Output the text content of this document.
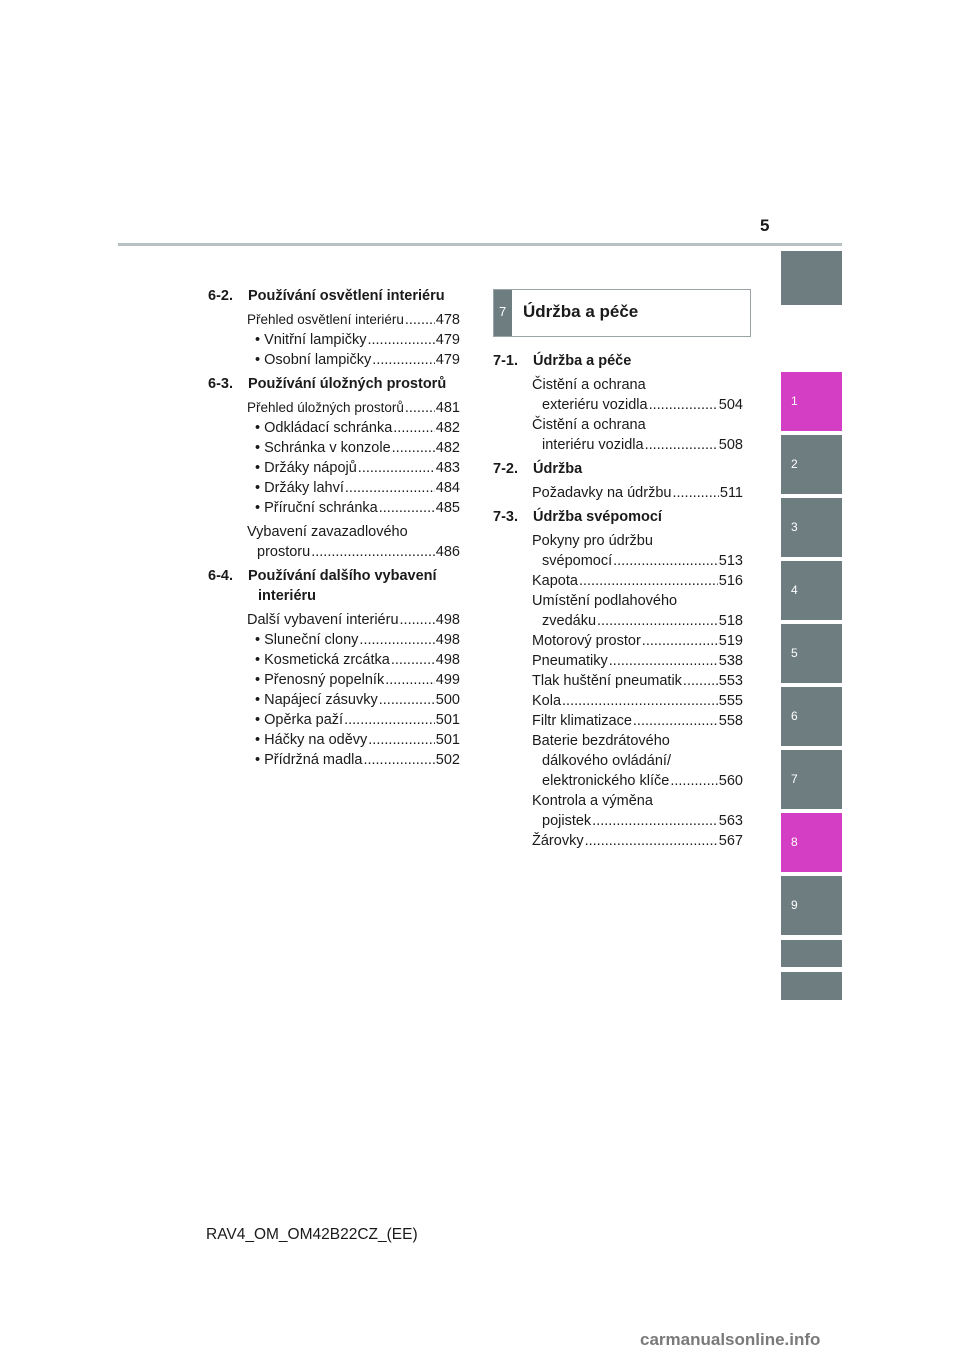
5
1
2
3
4
5
6
7
8
9
6-2.	Používání osvětlení interiéru
Přehled osvětlení interiéru ..... 478
• Vnitřní lampičky .....	479
• Osobní lampičky .....	479
6-3.	Používání úložných prostorů
Přehled úložných prostorů ..... 481
• Odkládací schránka .....	482
• Schránka v konzole .....	482
• Držáky nápojů .....	483
• Držáky lahví .....	484
• Příruční schránka .....	485
Vybavení zavazadlového
prostoru .....	486
6-4.	Používání dalšího vybavení
interiéru
Další vybavení interiéru .....	498
• Sluneční clony .....	498
• Kosmetická zrcátka .....	498
• Přenosný popelník .....	499
• Napájecí zásuvky .....	500
• Opěrka paží .....	501
• Háčky na oděvy .....	501
• Přídržná madla .....	502
7 Údržba a péče
7-1.	Údržba a péče
Čistění a ochrana
exteriéru vozidla .....	504
Čistění a ochrana
interiéru vozidla .....	508
7-2.	Údržba
Požadavky na údržbu .....	511
7-3.	Údržba svépomocí
Pokyny pro údržbu
svépomocí .....	513
Kapota .....	516
Umístění podlahového
zvedáku .....	518
Motorový prostor .....	519
Pneumatiky .....	538
Tlak huštění pneumatik .....	553
Kola .....	555
Filtr klimatizace .....	558
Baterie bezdrátového
dálkového ovládání/
elektronického klíče .....	560
Kontrola a výměna
pojistek .....	563
Žárovky .....	567
RAV4_OM_OM42B22CZ_(EE)
carmanualsonline.info
